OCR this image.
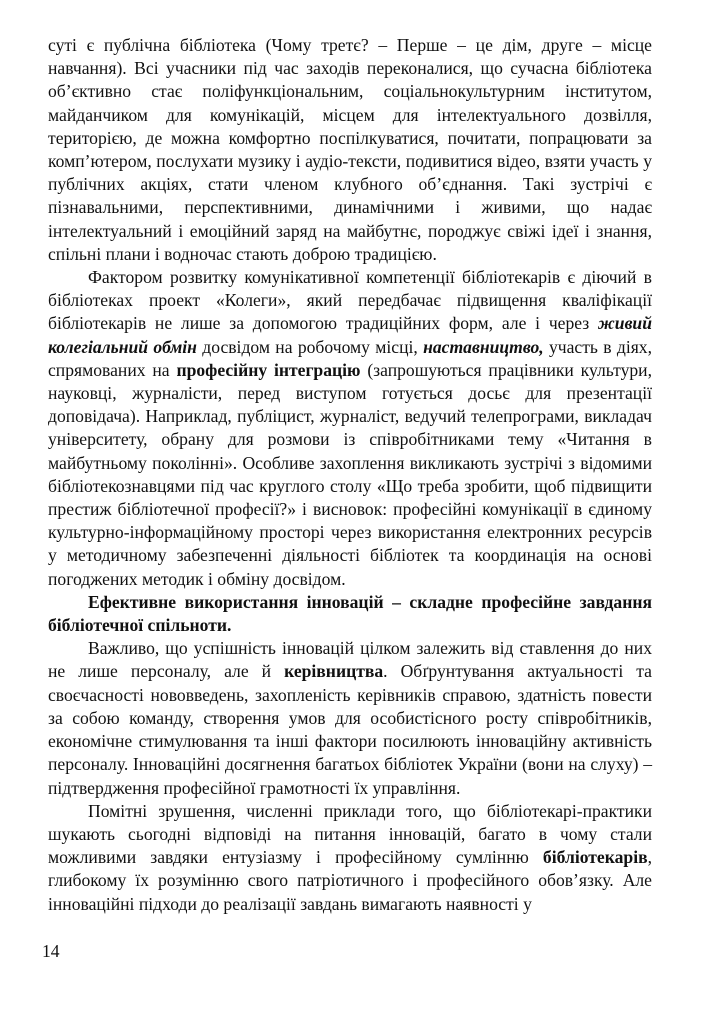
суті є публічна бібліотека (Чому третє? – Перше – це дім, друге – місце навчання). Всі учасники під час заходів переконалися, що сучасна бібліотека об’єктивно стає поліфункціональним, соціальнокультурним інститутом, майданчиком для комунікацій, місцем для інтелектуального дозвілля, територією, де можна комфортно поспілкуватися, почитати, попрацювати за комп’ютером, послухати музику і аудіо-тексти, подивитися відео, взяти участь у публічних акціях, стати членом клубного об’єднання. Такі зустрічі є пізнавальними, перспективними, динамічними і живими, що надає інтелектуальний і емоційний заряд на майбутнє, породжує свіжі ідеї і знання, спільні плани і водночас стають доброю традицією.

Фактором розвитку комунікативної компетенції бібліотекарів є діючий в бібліотеках проект «Колеги», який передбачає підвищення кваліфікації бібліотекарів не лише за допомогою традиційних форм, але і через живий колегіальний обмін досвідом на робочому місці, наставництво, участь в діях, спрямованих на професійну інтеграцію (запрошуються працівники культури, науковці, журналісти, перед виступом готується досьє для презентації доповідача). Наприклад, публіцист, журналіст, ведучий телепрограми, викладач університету, обрану для розмови із співробітниками тему «Читання в майбутньому поколінні». Особливе захоплення викликають зустрічі з відомими бібліотекознавцями під час круглого столу «Що треба зробити, щоб підвищити престиж бібліотечної професії?» і висновок: професійні комунікації в єдиному культурно-інформаційному просторі через використання електронних ресурсів у методичному забезпеченні діяльності бібліотек та координація на основі погоджених методик і обміну досвідом.

Ефективне використання інновацій – складне професійне завдання бібліотечної спільноти.

Важливо, що успішність інновацій цілком залежить від ставлення до них не лише персоналу, але й керівництва. Обґрунтування актуальності та своєчасності нововведень, захопленість керівників справою, здатність повести за собою команду, створення умов для особистісного росту співробітників, економічне стимулювання та інші фактори посилюють інноваційну активність персоналу. Інноваційні досягнення багатьох бібліотек України (вони на слуху) – підтвердження професійної грамотності їх управління.

Помітні зрушення, численні приклади того, що бібліотекарі-практики шукають сьогодні відповіді на питання інновацій, багато в чому стали можливими завдяки ентузіазму і професійному сумлінню бібліотекарів, глибокому їх розумінню свого патріотичного і професійного обов’язку. Але інноваційні підходи до реалізації завдань вимагають наявності у

14
